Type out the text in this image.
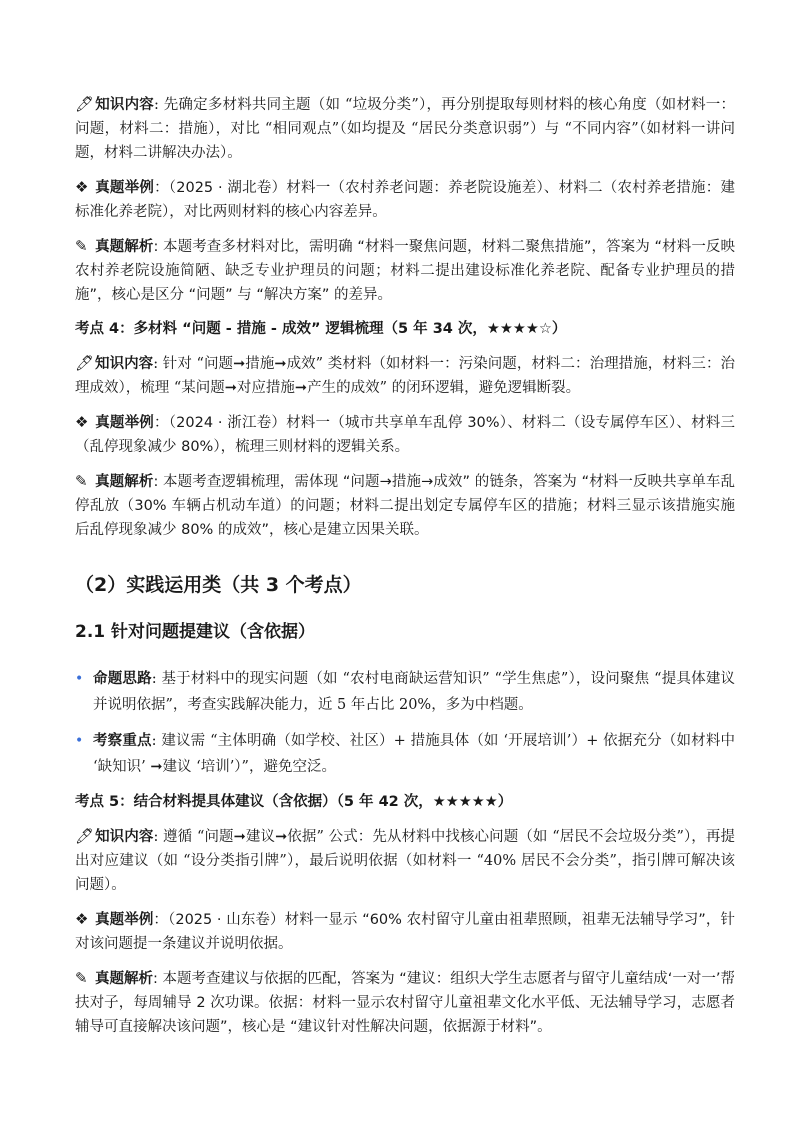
🖊知识内容: 先确定多材料共同主题（如 “垃圾分类”），再分别提取每则材料的核心角度（如材料一：问题，材料二：措施），对比 “相同观点”（如均提及 “居民分类意识弱”）与 “不同内容”（如材料一讲问题，材料二讲解决办法）。

❖ 真题举例：（2025 · 湖北卷）材料一（农村养老问题：养老院设施差）、材料二（农村养老措施：建标准化养老院），对比两则材料的核心内容差异。

✎ 真题解析: 本题考查多材料对比，需明确 “材料一聚焦问题，材料二聚焦措施”，答案为 “材料一反映农村养老院设施简陋、缺乏专业护理员的问题；材料二提出建设标准化养老院、配备专业护理员的措施”，核心是区分 “问题” 与 “解决方案” 的差异。

考点 4：多材料 “问题 - 措施 - 成效” 逻辑梳理（5 年 34 次，★★★★☆）

🖊知识内容: 针对 “问题➞措施➞成效” 类材料（如材料一：污染问题，材料二：治理措施，材料三：治理成效），梳理 “某问题➞对应措施➞产生的成效” 的闭环逻辑，避免逻辑断裂。

❖ 真题举例：（2024 · 浙江卷）材料一（城市共享单车乱停 30%）、材料二（设专属停车区）、材料三（乱停现象减少 80%），梳理三则材料的逻辑关系。

✎ 真题解析: 本题考查逻辑梳理，需体现 “问题→措施→成效” 的链条，答案为 “材料一反映共享单车乱停乱放（30% 车辆占机动车道）的问题；材料二提出划定专属停车区的措施；材料三显示该措施实施后乱停现象减少 80% 的成效”，核心是建立因果关联。

（2）实践运用类（共 3 个考点）
2.1 针对问题提建议（含依据）
• 命题思路: 基于材料中的现实问题（如 “农村电商缺运营知识” “学生焦虑”），设问聚焦 “提具体建议并说明依据”，考查实践解决能力，近 5 年占比 20%，多为中档题。
• 考察重点: 建议需 “主体明确（如学校、社区）+ 措施具体（如 ‘开展培训’）+ 依据充分（如材料中 ‘缺知识’ ➞建议 ‘培训’）”，避免空泛。

考点 5：结合材料提具体建议（含依据）（5 年 42 次，★★★★★）

🖊知识内容: 遵循 “问题➞建议➞依据” 公式：先从材料中找核心问题（如 “居民不会垃圾分类”），再提出对应建议（如 “设分类指引牌”），最后说明依据（如材料一 “40% 居民不会分类”，指引牌可解决该问题）。

❖ 真题举例：（2025 · 山东卷）材料一显示 “60% 农村留守儿童由祖辈照顾，祖辈无法辅导学习”，针对该问题提一条建议并说明依据。

✎ 真题解析: 本题考查建议与依据的匹配，答案为 “建议：组织大学生志愿者与留守儿童结成‘一对一’帮扶对子，每周辅导 2 次功课。依据：材料一显示农村留守儿童祖辈文化水平低、无法辅导学习，志愿者辅导可直接解决该问题”，核心是 “建议针对性解决问题，依据源于材料”。
